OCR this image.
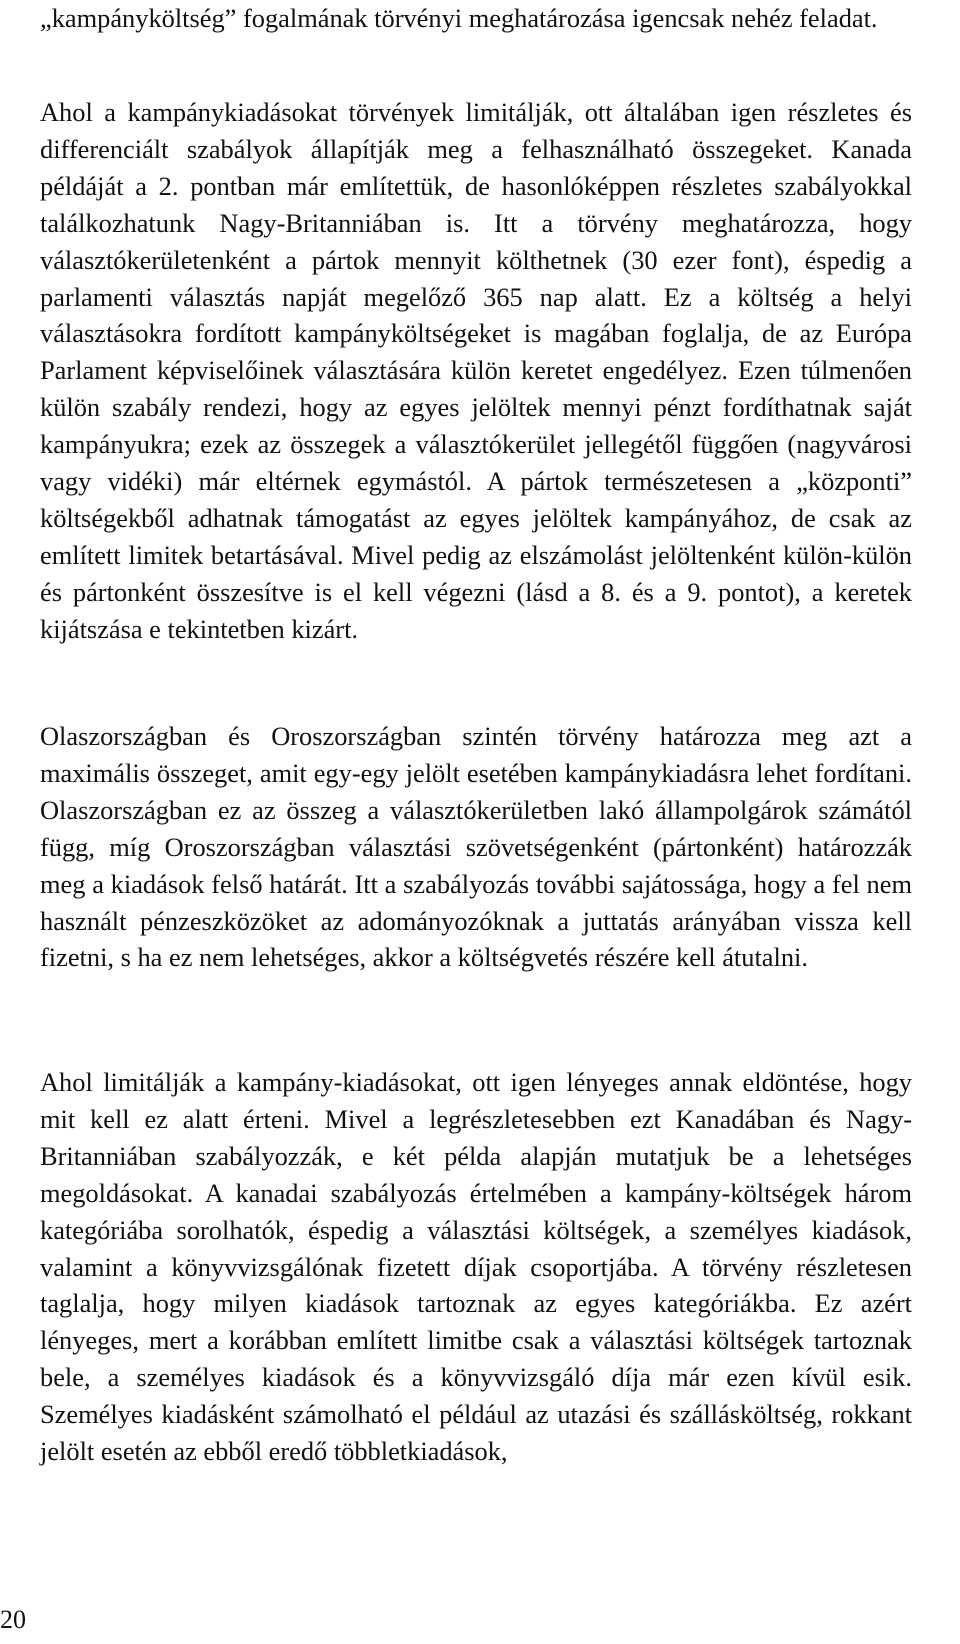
„kampányköltség” fogalmának törvényi meghatározása igencsak nehéz feladat.

Ahol a kampánykiadásokat törvények limitálják, ott általában igen részletes és differenciált szabályok állapítják meg a felhasználható összegeket. Kanada példáját a 2. pontban már említettük, de hasonlóképpen részletes szabályokkal találkozhatunk Nagy-Britanniában is. Itt a törvény meghatározza, hogy választókerületenként a pártok mennyit költhetnek (30 ezer font), éspedig a parlamenti választás napját megelőző 365 nap alatt. Ez a költség a helyi választásokra fordított kampányköltségeket is magában foglalja, de az Európa Parlament képviselőinek választására külön keretet engedélyez. Ezen túlmenően külön szabály rendezi, hogy az egyes jelöltek mennyi pénzt fordíthatnak saját kampányukra; ezek az összegek a választókerület jellegétől függően (nagyvárosi vagy vidéki) már eltérnek egymástól. A pártok természetesen a „központi” költségekből adhatnak támogatást az egyes jelöltek kampányához, de csak az említett limitek betartásával. Mivel pedig az elszámolást jelöltenként külön-külön és pártonként összesítve is el kell végezni (lásd a 8. és a 9. pontot), a keretek kijátszása e tekintetben kizárt.

Olaszországban és Oroszországban szintén törvény határozza meg azt a maximális összeget, amit egy-egy jelölt esetében kampánykiadásra lehet fordítani. Olaszországban ez az összeg a választókerületben lakó állampolgárok számától függ, míg Oroszországban választási szövetségenként (pártonként) határozzák meg a kiadások felső határát. Itt a szabályozás további sajátossága, hogy a fel nem használt pénzeszközöket az adományozóknak a juttatás arányában vissza kell fizetni, s ha ez nem lehetséges, akkor a költségvetés részére kell átutalni.

Ahol limitálják a kampány-kiadásokat, ott igen lényeges annak eldöntése, hogy mit kell ez alatt érteni. Mivel a legrészletesebben ezt Kanadában és Nagy-Britanniában szabályozzák, e két példa alapján mutatjuk be a lehetséges megoldásokat. A kanadai szabályozás értelmében a kampány-költségek három kategóriába sorolhatók, éspedig a választási költségek, a személyes kiadások, valamint a könyvvizsgálónak fizetett díjak csoportjába. A törvény részletesen taglalja, hogy milyen kiadások tartoznak az egyes kategóriákba. Ez azért lényeges, mert a korábban említett limitbe csak a választási költségek tartoznak bele, a személyes kiadások és a könyvvizsgáló díja már ezen kívül esik. Személyes kiadásként számolható el például az utazási és szállásköltség, rokkant jelölt esetén az ebből eredő többletkiadások,

20
